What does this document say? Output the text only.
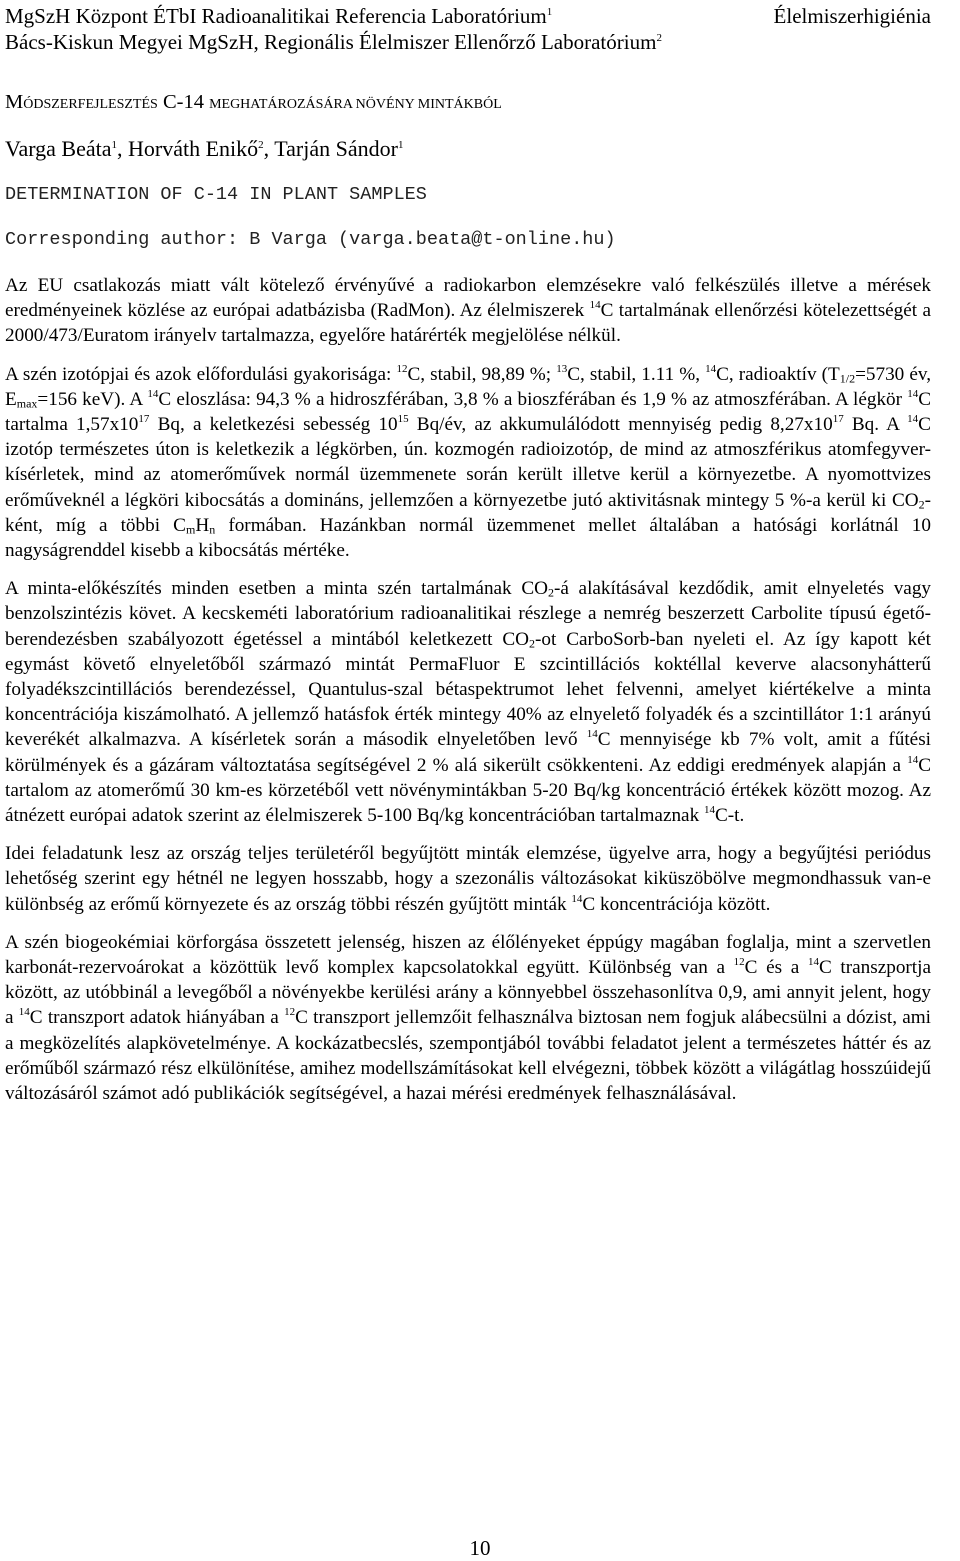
MgSzH Központ ÉTbI Radioanalitikai Referencia Laboratórium$^1$	Élelmiszerhigiénia
Bács-Kiskun Megyei MgSzH, Regionális Élelmiszer Ellenőrző Laboratórium$^2$
MÓDSZERFEJLESZTÉS C-14 MEGHATÁROZÁSÁRA NÖVÉNY MINTÁKBÓL
Varga Beáta$^1$, Horváth Enikő$^2$, Tarján Sándor$^1$
DETERMINATION OF C-14 IN PLANT SAMPLES
Corresponding author: B Varga (varga.beata@t-online.hu)

Az EU csatlakozás miatt vált kötelező érvényűvé a radiokarbon elemzésekre való felkészülés illetve a mérések eredményeinek közlése az európai adatbázisba (RadMon). Az élelmiszerek $^{14}$C tartalmának ellenőrzési kötelezettségét a 2000/473/Euratom irányelv tartalmazza, egyelőre határérték megjelölése nélkül.

A szén izotópjai és azok előfordulási gyakorisága: $^{12}$C, stabil, 98,89 %; $^{13}$C, stabil, 1.11 %, $^{14}$C, radioaktív ($T_{1/2}=5730$ év, $E_{max}=156$ keV). A $^{14}$C eloszlása: 94,3 % a hidroszférában, 3,8 % a bioszférában és 1,9 % az atmoszférában. A légkör $^{14}$C tartalma $1,57x10^{17}$ Bq, a keletkezési sebesség $10^{15}$ Bq/év, az akkumulálódott mennyiség pedig $8,27x10^{17}$ Bq. A $^{14}$C izotóp természetes úton is keletkezik a légkörben, ún. kozmogén radioizotóp, de mind az atmoszférikus atomfegyver-kísérletek, mind az atomerőművek normál üzemmenete során került illetve kerül a környezetbe. A nyomottvizes erőműveknél a légköri kibocsátás a domináns, jellemzően a környezetbe jutó aktivitásnak mintegy 5 %-a kerül ki $CO_2$-ként, míg a többi $C_mH_n$ formában. Hazánkban normál üzemmenet mellet általában a hatósági korlátnál 10 nagyságrenddel kisebb a kibocsátás mértéke.

A minta-előkészítés minden esetben a minta szén tartalmának $CO_2-á$ alakításával kezdődik, amit elnyeletés vagy benzolszintézis követ. A kecskeméti laboratórium radioanalitikai részlege a nemrég beszerzett Carbolite típusú égető-berendezésben szabályozott égetéssel a mintából keletkezett $CO_2-ot$ CarboSorb-ban nyeleti el. Az így kapott két egymást követő elnyeletőből származó mintát PermaFluor E szcintillációs koktéllal keverve alacsonyhátterű folyadékszcintillációs berendezéssel, Quantulus-szal bétaspektrumot lehet felvenni, amelyet kiértékelve a minta koncentrációja kiszámolható. A jellemző hatásfok érték mintegy 40% az elnyelető folyadék és a szcintillátor 1:1 arányú keverékét alkalmazva. A kísérletek során a második elnyeletőben levő $^{14}$C mennyisége kb 7% volt, amit a fűtési körülmények és a gázáram változtatása segítségével 2 % alá sikerült csökkenteni. Az eddigi eredmények alapján a $^{14}$C tartalom az atomerőmű 30 km-es körzetéből vett növénymintákban 5-20 Bq/kg koncentráció értékek között mozog. Az átnézett európai adatok szerint az élelmiszerek 5-100 Bq/kg koncentrációban tartalmaznak $^{14}$C-t.

Idei feladatunk lesz az ország teljes területéről begyűjtött minták elemzése, ügyelve arra, hogy a begyűjtési periódus lehetőség szerint egy hétnél ne legyen hosszabb, hogy a szezonális változásokat kiküszöbölve megmondhassuk van-e különbség az erőmű környezete és az ország többi részén gyűjtött minták $^{14}$C koncentrációja között.

A szén biogeokémiai körforgása összetett jelenség, hiszen az élőlényeket éppúgy magában foglalja, mint a szervetlen karbonát-rezervoárokat a közöttük levő komplex kapcsolatokkal együtt. Különbség van a $^{12}$C és a $^{14}$C transzportja között, az utóbbinál a levegőből a növényekbe kerülési arány a könnyebbel összehasonlítva 0,9, ami annyit jelent, hogy a $^{14}$C transzport adatok hiányában a $^{12}$C transzport jellemzőit felhasználva biztosan nem fogjuk alábecsülni a dózist, ami a megközelítés alapkövetelménye. A kockázatbecslés, szempontjából további feladatot jelent a természetes háttér és az erőműből származó rész elkülönítése, amihez modellszámításokat kell elvégezni, többek között a világátlag hosszúidejű változásáról számot adó publikációk segítségével, a hazai mérési eredmények felhasználásával.

10
